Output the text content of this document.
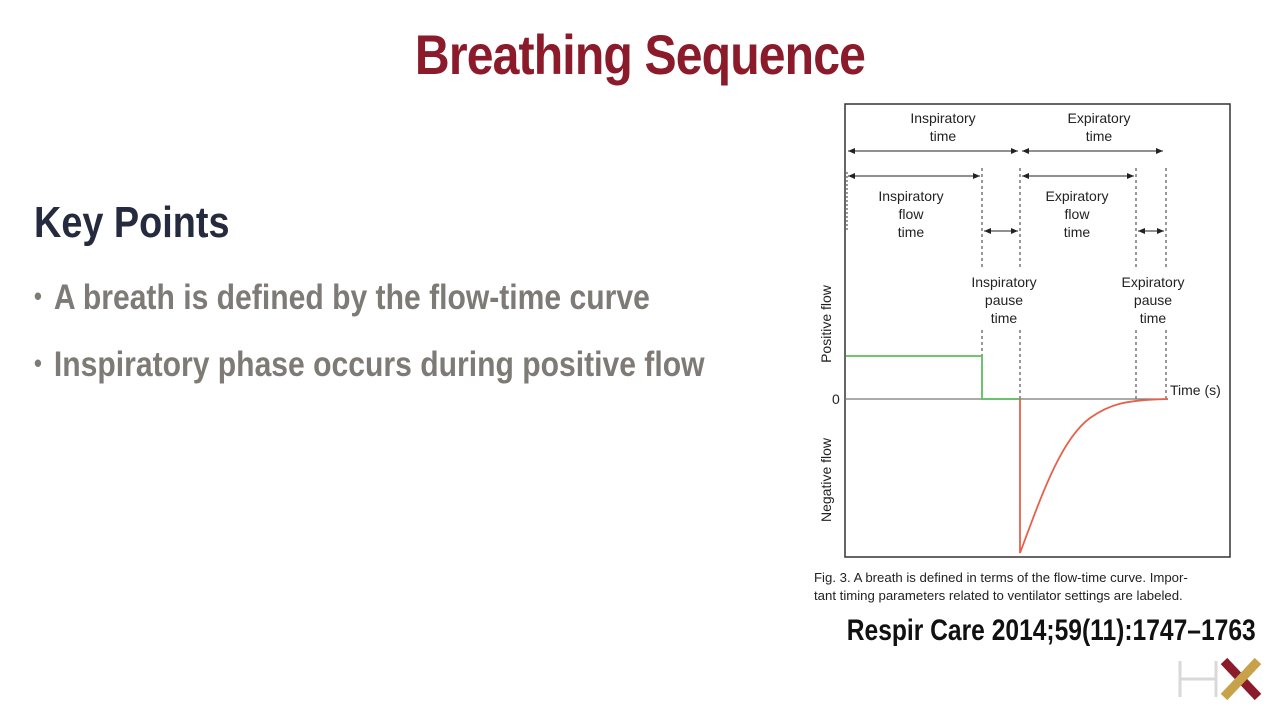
Breathing Sequence
Key Points
• A breath is defined by the flow-time curve
• Inspiratory phase occurs during positive flow
Inspiratory
time
Expiratory
time
Inspiratory
flow
time
Expiratory
flow
time
Inspiratory
pause
time
Expiratory
pause
time
Time (s)
0
Positive flow
Negative flow
Fig. 3. A breath is defined in terms of the flow-time curve. Impor-
tant timing parameters related to ventilator settings are labeled.
Respir Care 2014;59(11):1747–1763
